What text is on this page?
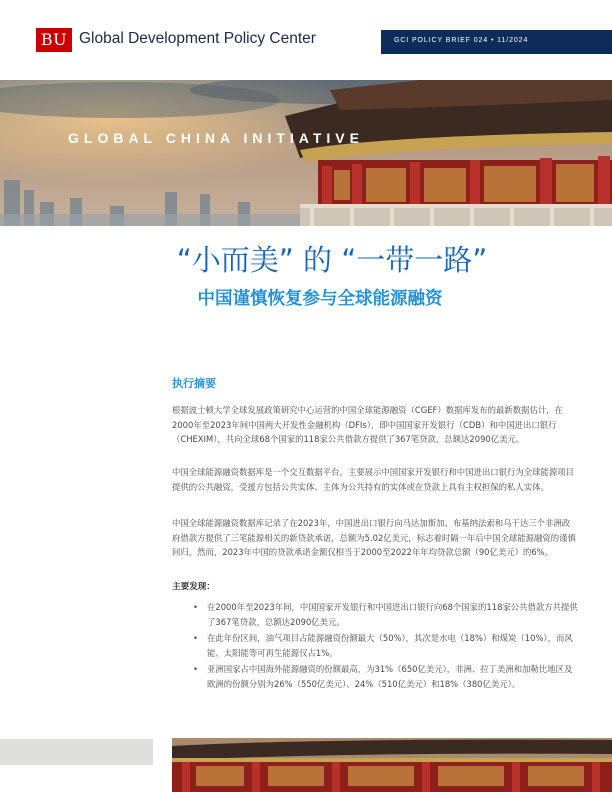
BU Global Development Policy Center	GCI POLICY BRIEF 024 • 11/2024
GLOBAL CHINA INITIATIVE
“小而美” 的 “一带一路”
中国谨慎恢复参与全球能源融资
执行摘要
根据波士顿大学全球发展政策研究中心运营的中国全球能源融资（CGEF）数据库发布的最新数据估计，在2000年至2023年间中国两大开发性金融机构（DFIs），即中国国家开发银行（CDB）和中国进出口银行（CHEXIM），共向全球68个国家的118家公共借款方提供了367笔贷款，总额达2090亿美元。
中国全球能源融资数据库是一个交互数据平台，主要展示中国国家开发银行和中国进出口银行为全球能源项目提供的公共融资，受援方包括公共实体、主体为公共持有的实体或在贷款上具有主权担保的私人实体。
中国全球能源融资数据库记录了在2023年，中国进出口银行向马达加斯加、布基纳法索和乌干达三个非洲政府借款方提供了三笔能源相关的新贷款承诺，总额为5.02亿美元，标志着时隔一年后中国全球能源融资的谨慎回归。然而，2023年中国的贷款承诺金额仅相当于2000至2022年年均贷款总额（90亿美元）的6%。
主要发现：
• 在2000年至2023年间，中国国家开发银行和中国进出口银行向68个国家的118家公共借款方共提供了367笔贷款，总额达2090亿美元。
• 在此年份区间，油气项目占能源融资份额最大（50%），其次是水电（18%）和煤炭（10%），而风能、太阳能等可再生能源仅占1%。
• 亚洲国家占中国海外能源融资的份额最高，为31%（650亿美元），非洲、拉丁美洲和加勒比地区及欧洲的份额分别为26%（550亿美元）、24%（510亿美元）和18%（380亿美元）。
